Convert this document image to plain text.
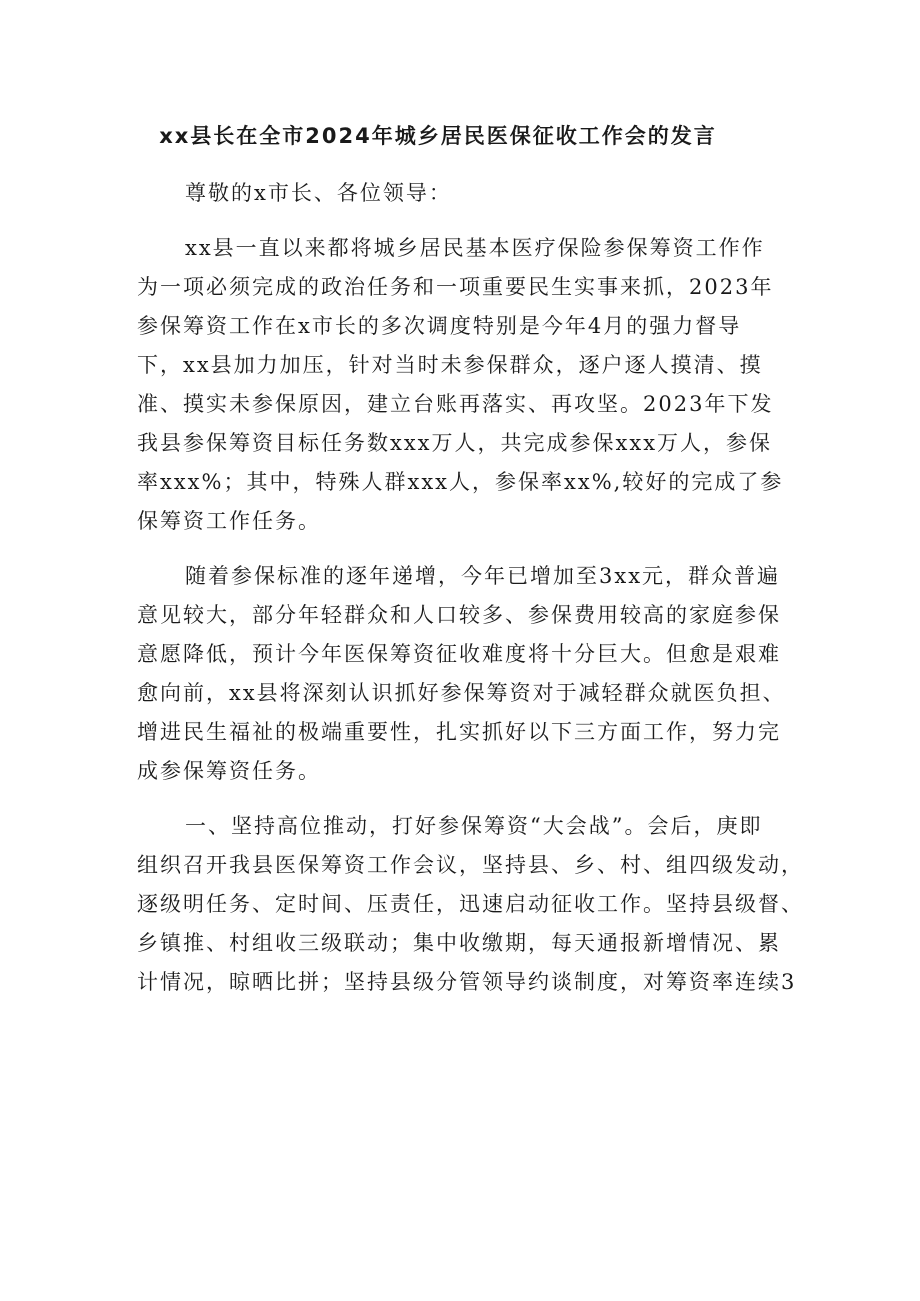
xx县长在全市2024年城乡居民医保征收工作会的发言
尊敬的x市长、各位领导：
xx县一直以来都将城乡居民基本医疗保险参保筹资工作作
为一项必须完成的政治任务和一项重要民生实事来抓，2023年
参保筹资工作在x市长的多次调度特别是今年4月的强力督导
下，xx县加力加压，针对当时未参保群众，逐户逐人摸清、摸
准、摸实未参保原因，建立台账再落实、再攻坚。2023年下发
我县参保筹资目标任务数xxx万人，共完成参保xxx万人，参保
率xxx%；其中，特殊人群xxx人，参保率xx%,较好的完成了参
保筹资工作任务。
随着参保标准的逐年递增，今年已增加至3xx元，群众普遍
意见较大，部分年轻群众和人口较多、参保费用较高的家庭参保
意愿降低，预计今年医保筹资征收难度将十分巨大。但愈是艰难
愈向前，xx县将深刻认识抓好参保筹资对于减轻群众就医负担、
增进民生福祉的极端重要性，扎实抓好以下三方面工作，努力完
成参保筹资任务。
一、坚持高位推动，打好参保筹资“大会战”。会后，庚即
组织召开我县医保筹资工作会议，坚持县、乡、村、组四级发动，
逐级明任务、定时间、压责任，迅速启动征收工作。坚持县级督、
乡镇推、村组收三级联动；集中收缴期，每天通报新增情况、累
计情况，晾晒比拼；坚持县级分管领导约谈制度，对筹资率连续3
